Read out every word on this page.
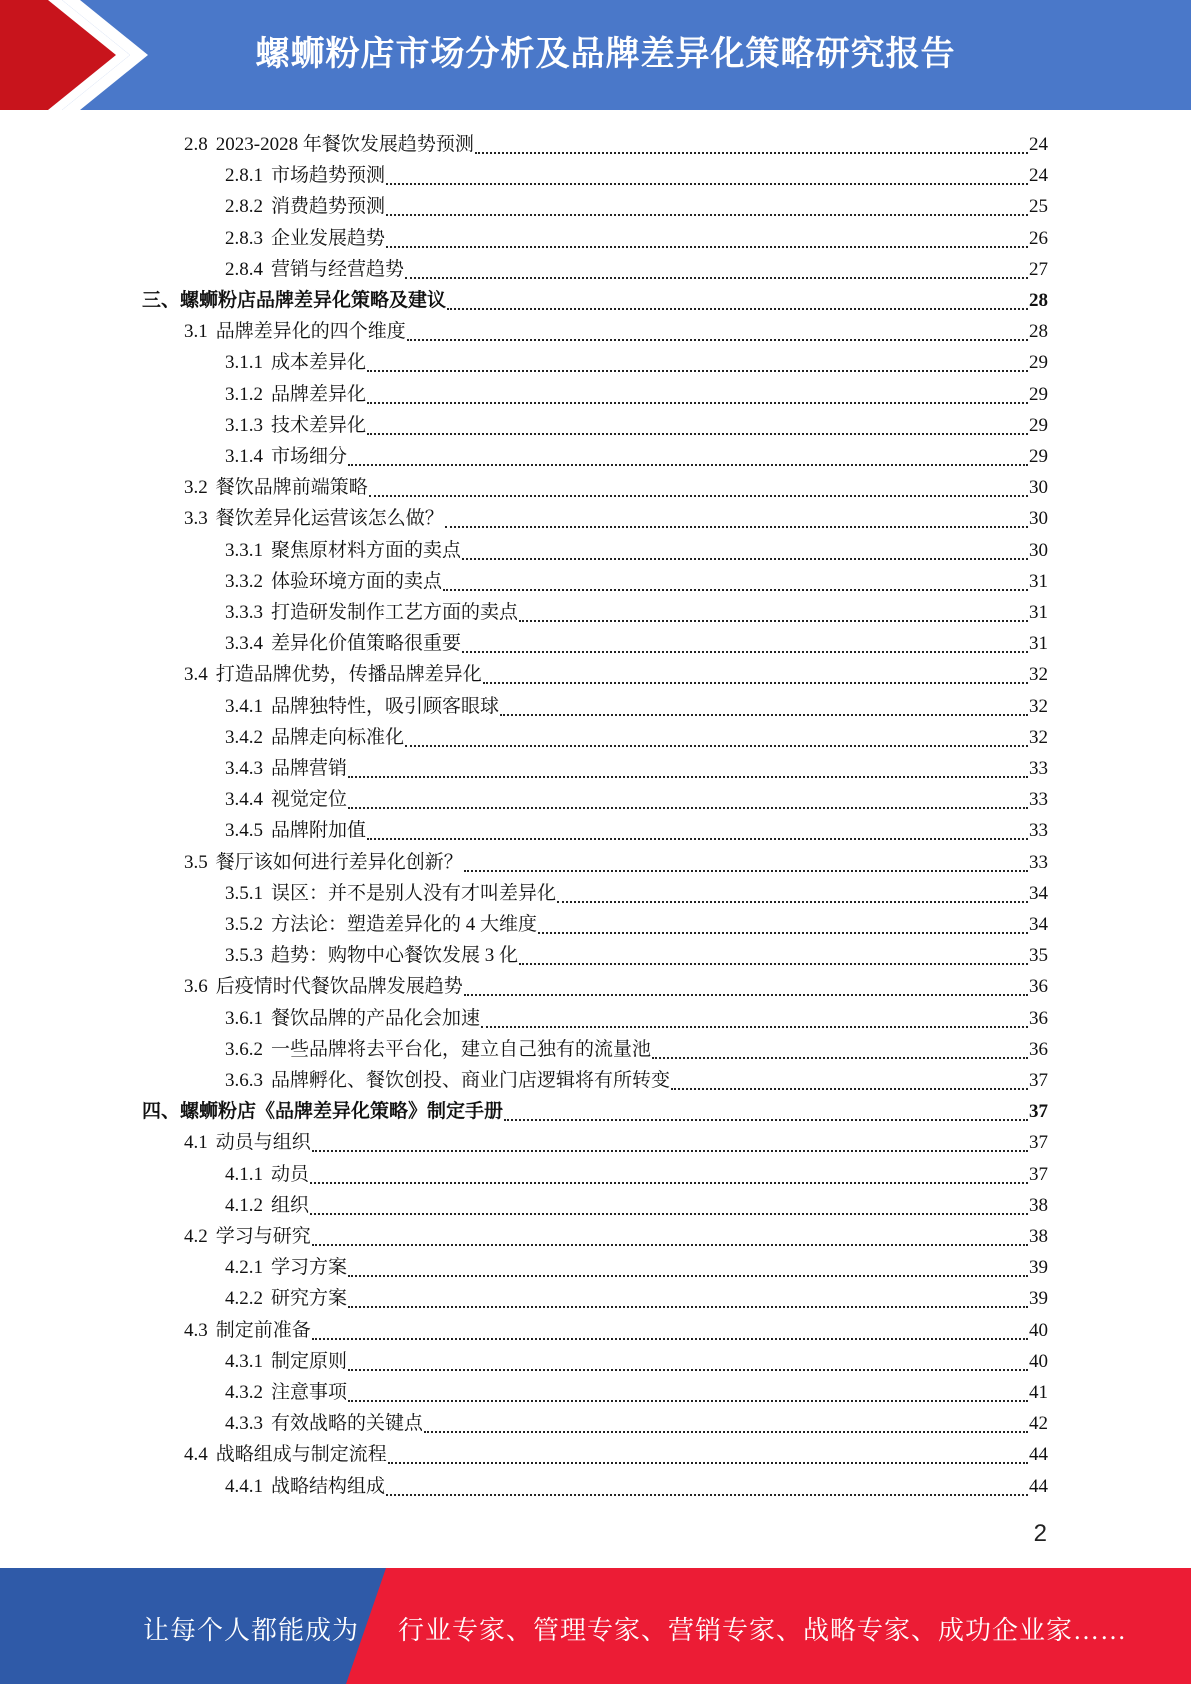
螺蛳粉店市场分析及品牌差异化策略研究报告
2.8 2023-2028 年餐饮发展趋势预测	24
2.8.1 市场趋势预测	24
2.8.2 消费趋势预测	25
2.8.3 企业发展趋势	26
2.8.4 营销与经营趋势	27
三、 螺蛳粉店品牌差异化策略及建议	28
3.1 品牌差异化的四个维度	28
3.1.1 成本差异化	29
3.1.2 品牌差异化	29
3.1.3 技术差异化	29
3.1.4 市场细分	29
3.2 餐饮品牌前端策略	30
3.3 餐饮差异化运营该怎么做？	30
3.3.1 聚焦原材料方面的卖点	30
3.3.2 体验环境方面的卖点	31
3.3.3 打造研发制作工艺方面的卖点	31
3.3.4 差异化价值策略很重要	31
3.4 打造品牌优势，传播品牌差异化	32
3.4.1 品牌独特性，吸引顾客眼球	32
3.4.2 品牌走向标准化	32
3.4.3 品牌营销	33
3.4.4 视觉定位	33
3.4.5 品牌附加值	33
3.5 餐厅该如何进行差异化创新？	33
3.5.1 误区：并不是别人没有才叫差异化	34
3.5.2 方法论：塑造差异化的 4 大维度	34
3.5.3 趋势：购物中心餐饮发展 3 化	35
3.6 后疫情时代餐饮品牌发展趋势	36
3.6.1 餐饮品牌的产品化会加速	36
3.6.2 一些品牌将去平台化，建立自己独有的流量池	36
3.6.3 品牌孵化、餐饮创投、商业门店逻辑将有所转变	37
四、 螺蛳粉店《品牌差异化策略》制定手册	37
4.1 动员与组织	37
4.1.1 动员	37
4.1.2 组织	38
4.2 学习与研究	38
4.2.1 学习方案	39
4.2.2 研究方案	39
4.3 制定前准备	40
4.3.1 制定原则	40
4.3.2 注意事项	41
4.3.3 有效战略的关键点	42
4.4 战略组成与制定流程	44
4.4.1 战略结构组成	44
2
让每个人都能成为 行业专家、管理专家、营销专家、战略专家、成功企业家……
